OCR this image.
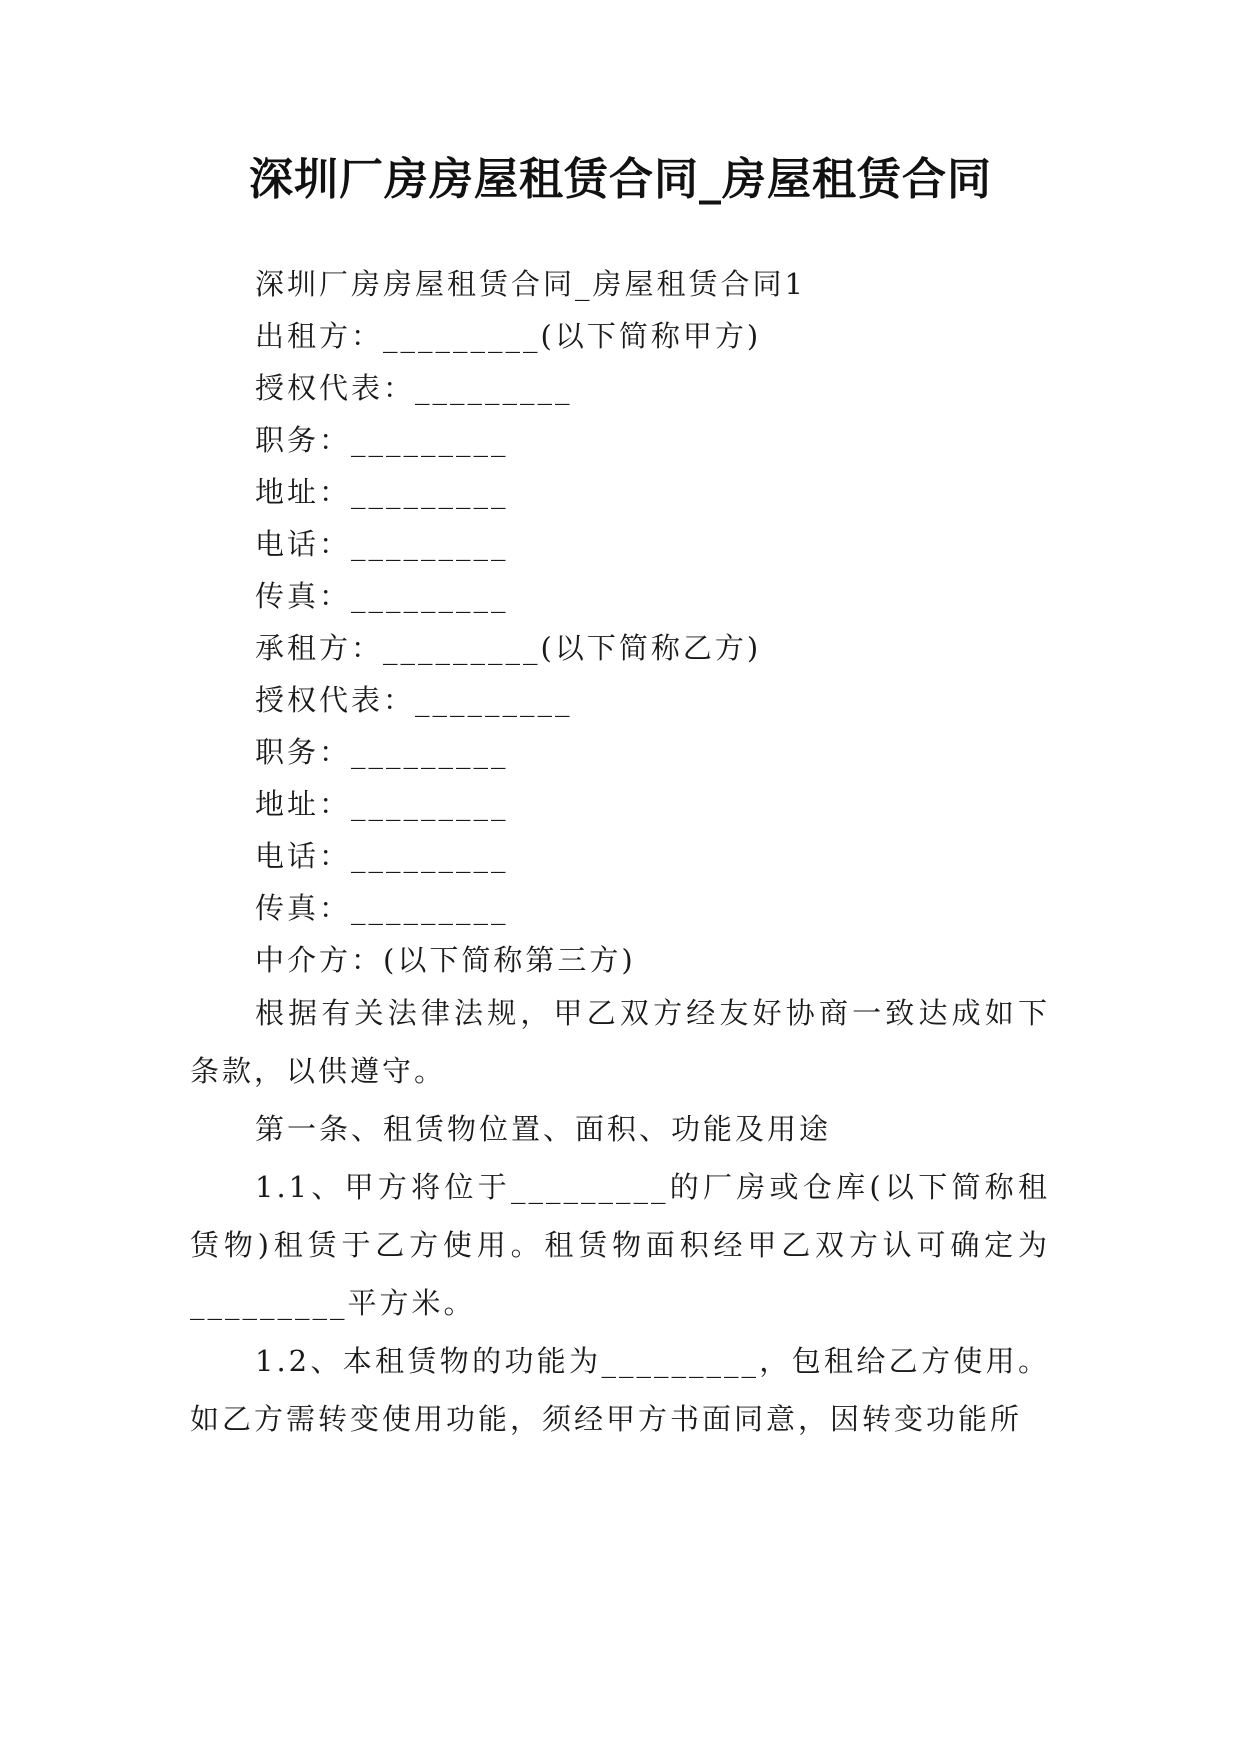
深圳厂房房屋租赁合同_房屋租赁合同
深圳厂房房屋租赁合同_房屋租赁合同1
出租方：_________(以下简称甲方)
授权代表：_________
职务：_________
地址：_________
电话：_________
传真：_________
承租方：_________(以下简称乙方)
授权代表：_________
职务：_________
地址：_________
电话：_________
传真：_________
中介方：(以下简称第三方)
根据有关法律法规，甲乙双方经友好协商一致达成如下条款，以供遵守。
第一条、租赁物位置、面积、功能及用途
1.1、甲方将位于_________的厂房或仓库(以下简称租赁物)租赁于乙方使用。租赁物面积经甲乙双方认可确定为_________平方米。
1.2、本租赁物的功能为_________，包租给乙方使用。如乙方需转变使用功能，须经甲方书面同意，因转变功能所
